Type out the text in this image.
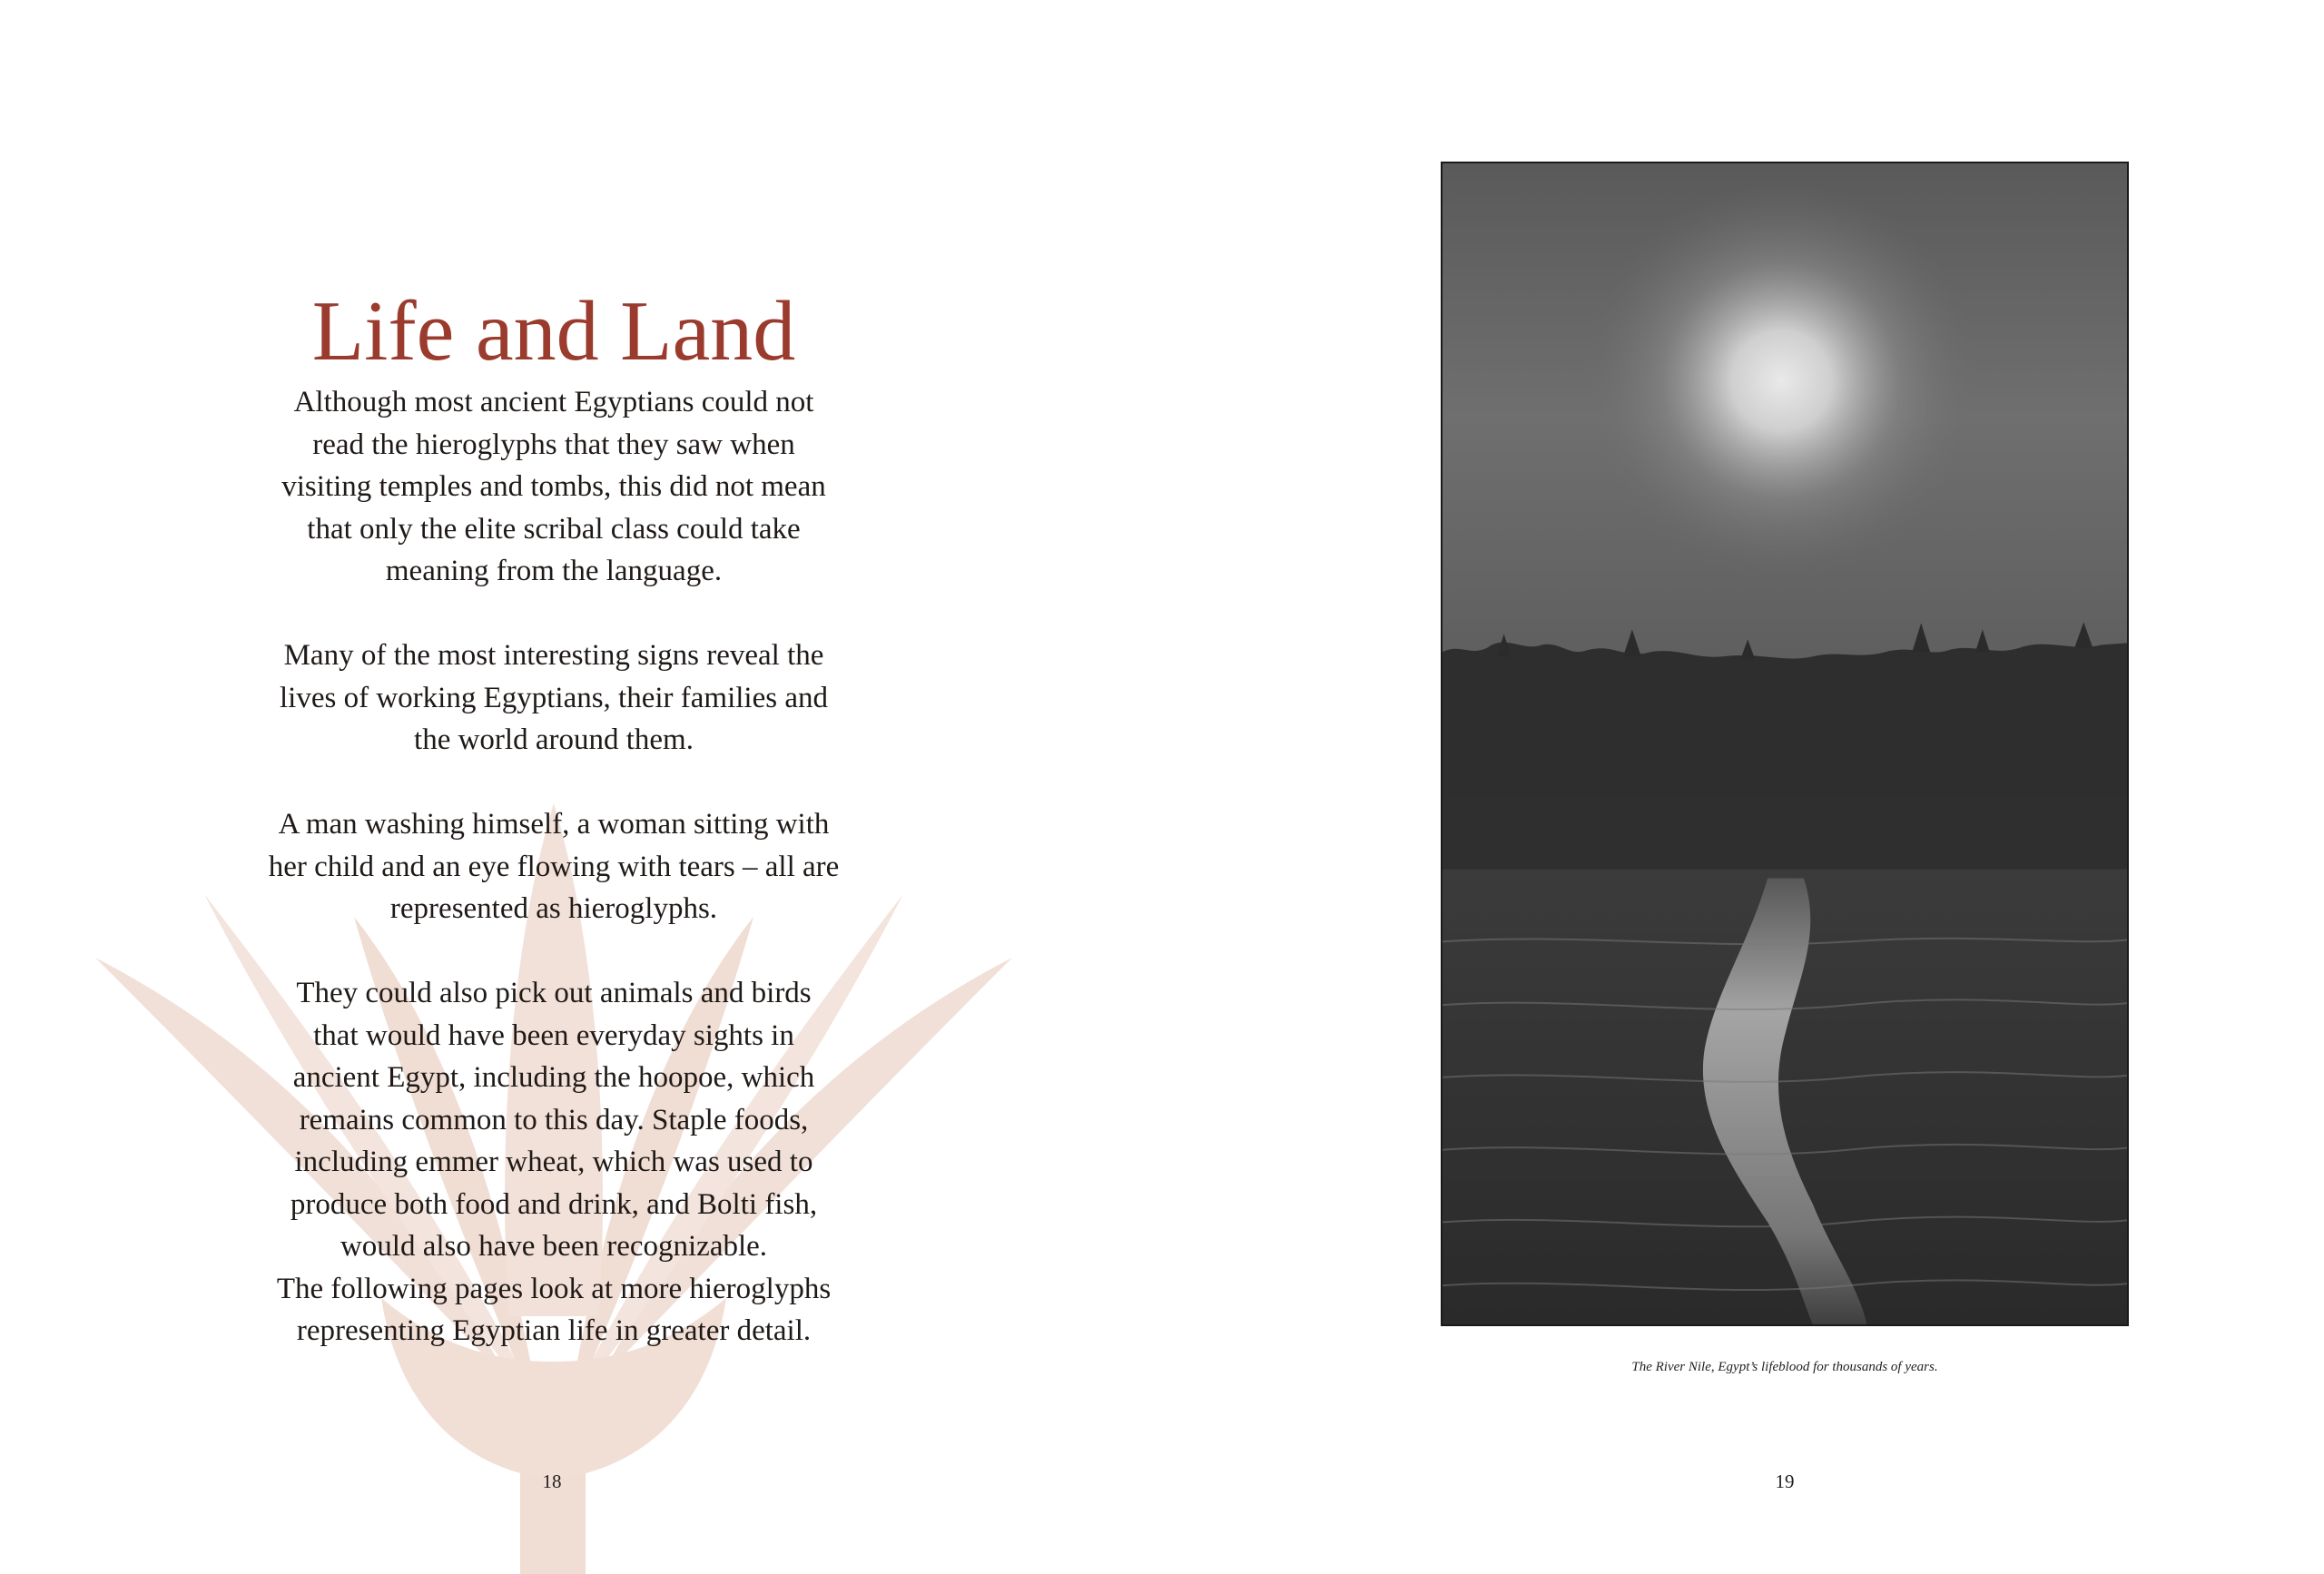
Life and Land

Although most ancient Egyptians could not
read the hieroglyphs that they saw when
visiting temples and tombs, this did not mean
that only the elite scribal class could take
meaning from the language.

Many of the most interesting signs reveal the
lives of working Egyptians, their families and
the world around them.

A man washing himself, a woman sitting with
her child and an eye flowing with tears – all are
represented as hieroglyphs.

They could also pick out animals and birds
that would have been everyday sights in
ancient Egypt, including the hoopoe, which
remains common to this day. Staple foods,
including emmer wheat, which was used to
produce both food and drink, and Bolti fish,
would also have been recognizable.
The following pages look at more hieroglyphs
representing Egyptian life in greater detail.

18
The River Nile, Egypt’s lifeblood for thousands of years.
19
